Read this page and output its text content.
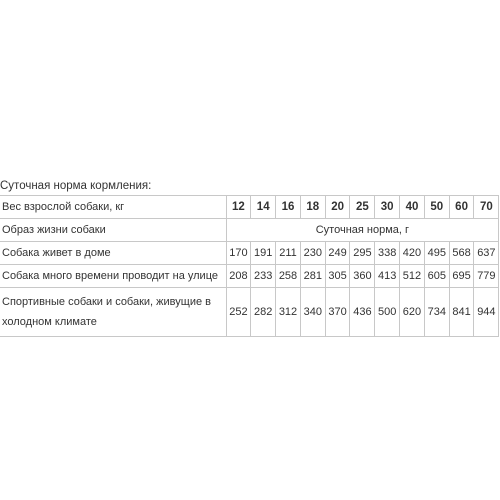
Суточная норма кормления:
Вес взрослой собаки, кг	12	14	16	18	20	25	30	40	50	60	70
Образ жизни собаки	Суточная норма, г										
Собака живет в доме	170	191	211	230	249	295	338	420	495	568	637
Собака много времени проводит на улице	208	233	258	281	305	360	413	512	605	695	779
Спортивные собаки и собаки, живущие в холодном климате	252	282	312	340	370	436	500	620	734	841	944
